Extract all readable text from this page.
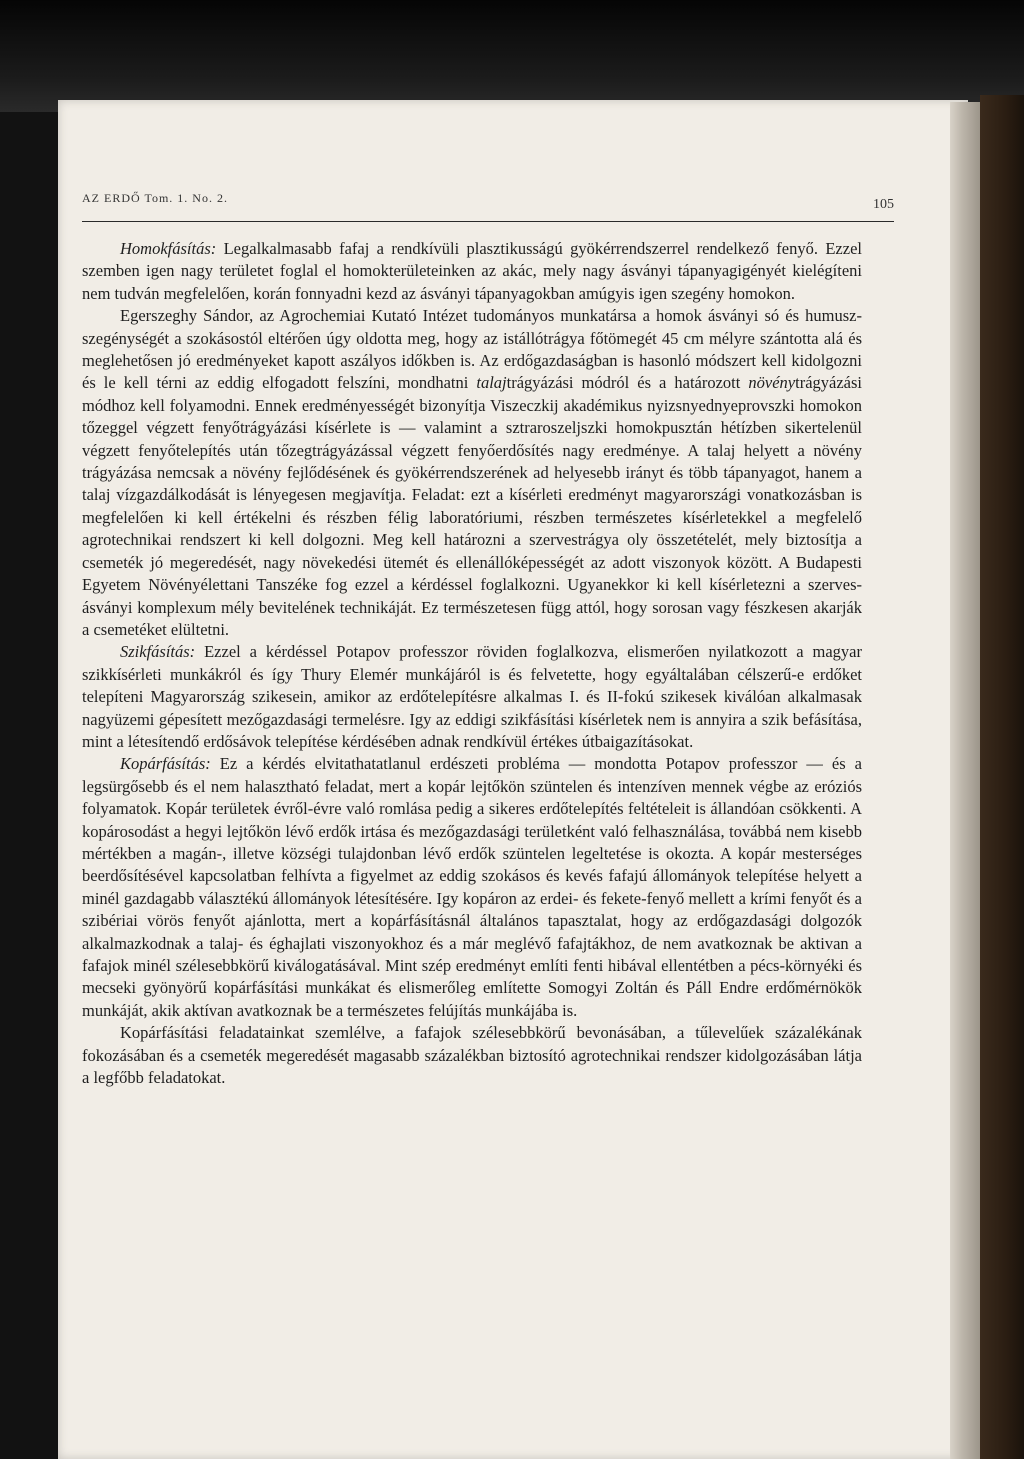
AZ ERDŐ Tom. 1. No. 2.	105

Homokfásítás: Legalkalmasabb fafaj a rendkívüli plasztikusságú gyökérrendszerrel rendelkező fenyő. Ezzel szemben igen nagy területet foglal el homokterületeinken az akác, mely nagy ásványi tápanyagigényét kielégíteni nem tudván megfelelően, korán fonnyadni kezd az ásványi tápanyagokban amúgyis igen szegény homokon.

Egerszeghy Sándor, az Agrochemiai Kutató Intézet tudományos munkatársa a homok ásványi só és humusz-szegénységét a szokásostól eltérően úgy oldotta meg, hogy az istállótrágya főtömegét 45 cm mélyre szántotta alá és meglehetősen jó eredményeket kapott aszályos időkben is. Az erdőgazdaságban is hasonló módszert kell kidolgozni és le kell térni az eddig elfogadott felszíni, mondhatni talajtrágyázási módról és a határozott növénytrágyázási módhoz kell folyamodni. Ennek eredményességét bizonyítja Viszeczkij akadémikus nyizsnyednyeprovszki homokon tőzeggel végzett fenyőtrágyázási kísérlete is — valamint a sztraroszeljszki homokpusztán hétízben sikertelenül végzett fenyőtelepítés után tőzegtrágyázással végzett fenyőerdősítés nagy eredménye. A talaj helyett a növény trágyázása nemcsak a növény fejlődésének és gyökérrendszerének ad helyesebb irányt és több tápanyagot, hanem a talaj vízgazdálkodását is lényegesen megjavítja. Feladat: ezt a kísérleti eredményt magyarországi vonatkozásban is megfelelően ki kell értékelni és részben félig laboratóriumi, részben természetes kísérletekkel a megfelelő agrotechnikai rendszert ki kell dolgozni. Meg kell határozni a szervestrágya oly összetételét, mely biztosítja a csemeték jó megeredését, nagy növekedési ütemét és ellenállóképességét az adott viszonyok között. A Budapesti Egyetem Növényélettani Tanszéke fog ezzel a kérdéssel foglalkozni. Ugyanekkor ki kell kísérletezni a szerves-ásványi komplexum mély bevitelének technikáját. Ez természetesen függ attól, hogy sorosan vagy fészkesen akarják a csemetéket elültetni.

Szikfásítás: Ezzel a kérdéssel Potapov professzor röviden foglalkozva, elismerően nyilatkozott a magyar szikkísérleti munkákról és így Thury Elemér munkájáról is és felvetette, hogy egyáltalában célszerű-e erdőket telepíteni Magyarország szikesein, amikor az erdőtelepítésre alkalmas I. és II-fokú szikesek kiválóan alkalmasak nagyüzemi gépesített mezőgazdasági termelésre. Igy az eddigi szikfásítási kísérletek nem is annyira a szik befásítása, mint a létesítendő erdősávok telepítése kérdésében adnak rendkívül értékes útbaigazításokat.

Kopárfásítás: Ez a kérdés elvitathatatlanul erdészeti probléma — mondotta Potapov professzor — és a legsürgősebb és el nem halasztható feladat, mert a kopár lejtőkön szüntelen és intenzíven mennek végbe az eróziós folyamatok. Kopár területek évről-évre való romlása pedig a sikeres erdőtelepítés feltételeit is állandóan csökkenti. A kopárosodást a hegyi lejtőkön lévő erdők irtása és mezőgazdasági területként való felhasználása, továbbá nem kisebb mértékben a magán-, illetve községi tulajdonban lévő erdők szüntelen legeltetése is okozta. A kopár mesterséges beerdősítésével kapcsolatban felhívta a figyelmet az eddig szokásos és kevés fafajú állományok telepítése helyett a minél gazdagabb választékú állományok létesítésére. Igy kopáron az erdei- és fekete-fenyő mellett a krími fenyőt és a szibériai vörös fenyőt ajánlotta, mert a kopárfásításnál általános tapasztalat, hogy az erdőgazdasági dolgozók alkalmazkodnak a talaj- és éghajlati viszonyokhoz és a már meglévő fafajtákhoz, de nem avatkoznak be aktivan a fafajok minél szélesebbkörű kiválogatásával. Mint szép eredményt említi fenti hibával ellentétben a pécs-környéki és mecseki gyönyörű kopárfásítási munkákat és elismerőleg említette Somogyi Zoltán és Páll Endre erdőmérnökök munkáját, akik aktívan avatkoznak be a természetes felújítás munkájába is.

Kopárfásítási feladatainkat szemlélve, a fafajok szélesebbkörű bevonásában, a tűlevelűek százalékának fokozásában és a csemeték megeredését magasabb százalékban biztosító agrotechnikai rendszer kidolgozásában látja a legfőbb feladatokat.
